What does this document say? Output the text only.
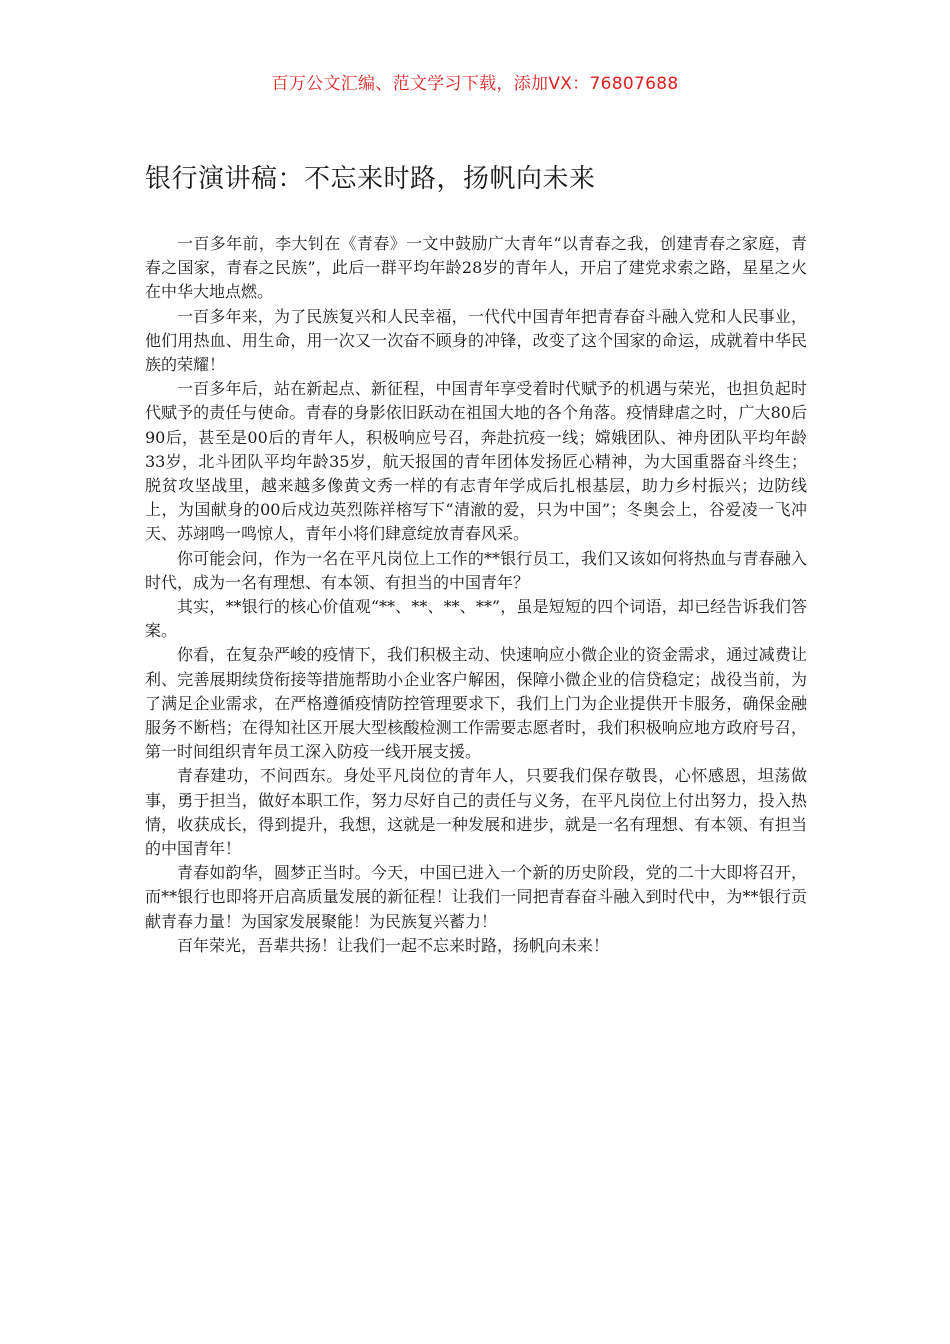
百万公文汇编、范文学习下载，添加VX：76807688
银行演讲稿：不忘来时路，扬帆向未来

一百多年前，李大钊在《青春》一文中鼓励广大青年“以青春之我，创建青春之家庭，青春之国家，青春之民族”，此后一群平均年龄28岁的青年人，开启了建党求索之路，星星之火在中华大地点燃。

一百多年来，为了民族复兴和人民幸福，一代代中国青年把青春奋斗融入党和人民事业，他们用热血、用生命，用一次又一次奋不顾身的冲锋，改变了这个国家的命运，成就着中华民族的荣耀！

一百多年后，站在新起点、新征程，中国青年享受着时代赋予的机遇与荣光，也担负起时代赋予的责任与使命。青春的身影依旧跃动在祖国大地的各个角落。疫情肆虐之时，广大80后90后，甚至是00后的青年人，积极响应号召，奔赴抗疫一线；嫦娥团队、神舟团队平均年龄33岁，北斗团队平均年龄35岁，航天报国的青年团体发扬匠心精神，为大国重器奋斗终生；脱贫攻坚战里，越来越多像黄文秀一样的有志青年学成后扎根基层，助力乡村振兴；边防线上，为国献身的00后戍边英烈陈祥榕写下“清澈的爱，只为中国”；冬奥会上，谷爱凌一飞冲天、苏翊鸣一鸣惊人，青年小将们肆意绽放青春风采。

你可能会问，作为一名在平凡岗位上工作的**银行员工，我们又该如何将热血与青春融入时代，成为一名有理想、有本领、有担当的中国青年？

其实，**银行的核心价值观“**、**、**、**”，虽是短短的四个词语，却已经告诉我们答案。

你看，在复杂严峻的疫情下，我们积极主动、快速响应小微企业的资金需求，通过减费让利、完善展期续贷衔接等措施帮助小企业客户解困，保障小微企业的信贷稳定；战役当前，为了满足企业需求，在严格遵循疫情防控管理要求下，我们上门为企业提供开卡服务，确保金融服务不断档；在得知社区开展大型核酸检测工作需要志愿者时，我们积极响应地方政府号召，第一时间组织青年员工深入防疫一线开展支援。

青春建功，不问西东。身处平凡岗位的青年人，只要我们保存敬畏，心怀感恩，坦荡做事，勇于担当，做好本职工作，努力尽好自己的责任与义务，在平凡岗位上付出努力，投入热情，收获成长，得到提升，我想，这就是一种发展和进步，就是一名有理想、有本领、有担当的中国青年！

青春如韵华，圆梦正当时。今天，中国已进入一个新的历史阶段，党的二十大即将召开，而**银行也即将开启高质量发展的新征程！让我们一同把青春奋斗融入到时代中，为**银行贡献青春力量！为国家发展聚能！为民族复兴蓄力！

百年荣光，吾辈共扬！让我们一起不忘来时路，扬帆向未来！
